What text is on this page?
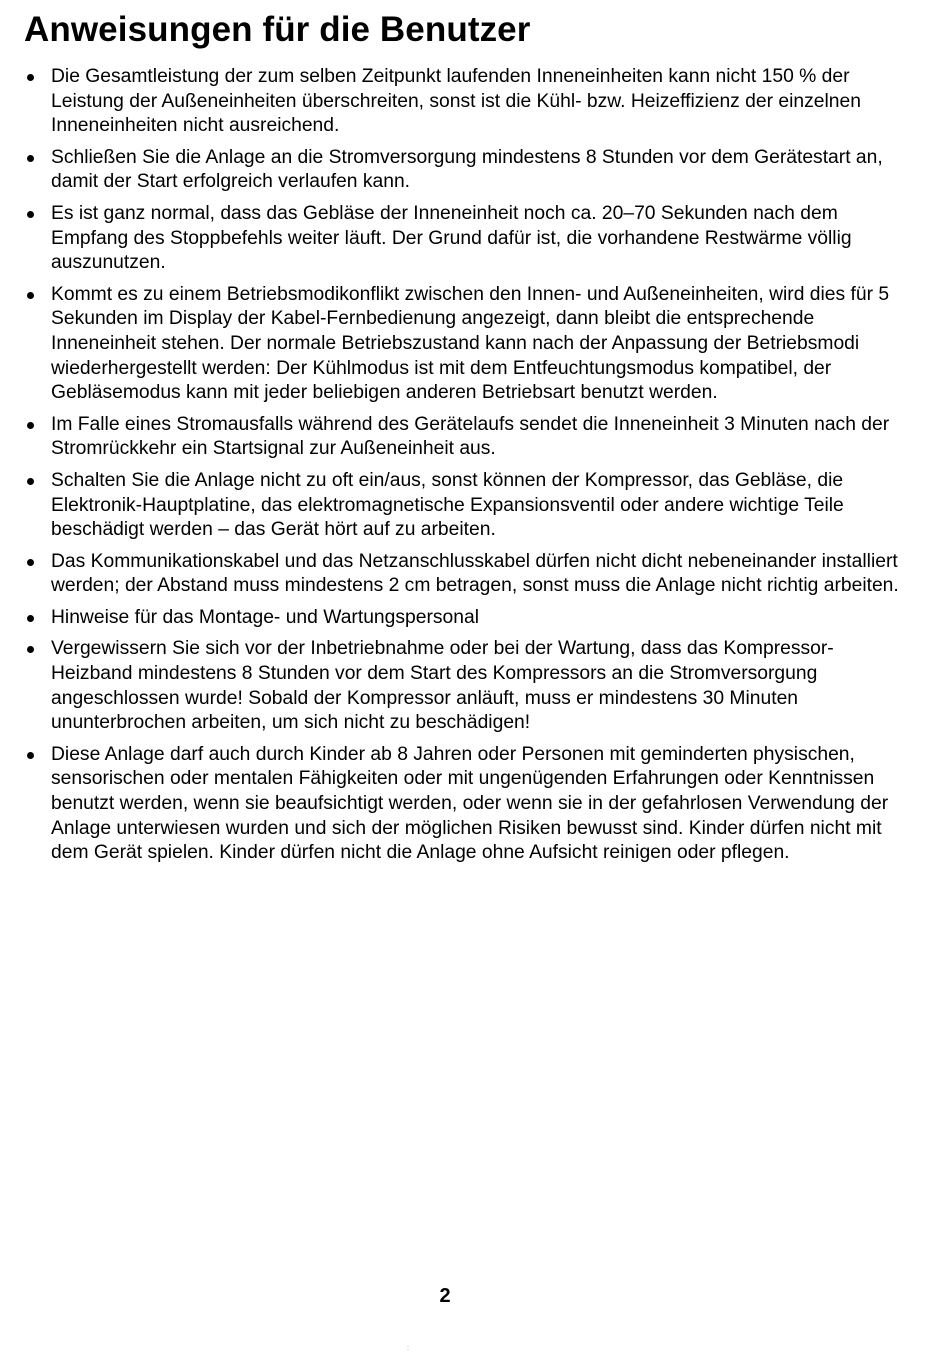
Anweisungen für die Benutzer
Die Gesamtleistung der zum selben Zeitpunkt laufenden Inneneinheiten kann nicht 150 % der Leistung der Außeneinheiten überschreiten, sonst ist die Kühl- bzw. Heizeffizienz der einzelnen Inneneinheiten nicht ausreichend.
Schließen Sie die Anlage an die Stromversorgung mindestens 8 Stunden vor dem Gerätestart an, damit der Start erfolgreich verlaufen kann.
Es ist ganz normal, dass das Gebläse der Inneneinheit noch ca. 20–70 Sekunden nach dem Empfang des Stoppbefehls weiter läuft. Der Grund dafür ist, die vorhandene Restwärme völlig auszunutzen.
Kommt es zu einem Betriebsmodikonflikt zwischen den Innen- und Außeneinheiten, wird dies für 5 Sekunden im Display der Kabel-Fernbedienung angezeigt, dann bleibt die entsprechende Inneneinheit stehen. Der normale Betriebszustand kann nach der Anpassung der Betriebsmodi wiederhergestellt werden: Der Kühlmodus ist mit dem Entfeuchtungsmodus kompatibel, der Gebläsemodus kann mit jeder beliebigen anderen Betriebsart benutzt werden.
Im Falle eines Stromausfalls während des Gerätelaufs sendet die Inneneinheit 3 Minuten nach der Stromrückkehr ein Startsignal zur Außeneinheit aus.
Schalten Sie die Anlage nicht zu oft ein/aus, sonst können der Kompressor, das Gebläse, die Elektronik-Hauptplatine, das elektromagnetische Expansionsventil oder andere wichtige Teile beschädigt werden – das Gerät hört auf zu arbeiten.
Das Kommunikationskabel und das Netzanschlusskabel dürfen nicht dicht nebeneinander installiert werden; der Abstand muss mindestens 2 cm betragen, sonst muss die Anlage nicht richtig arbeiten.
Hinweise für das Montage- und Wartungspersonal
Vergewissern Sie sich vor der Inbetriebnahme oder bei der Wartung, dass das Kompressor-Heizband mindestens 8 Stunden vor dem Start des Kompressors an die Stromversorgung angeschlossen wurde! Sobald der Kompressor anläuft, muss er mindestens 30 Minuten ununterbrochen arbeiten, um sich nicht zu beschädigen!
Diese Anlage darf auch durch Kinder ab 8 Jahren oder Personen mit geminderten physischen, sensorischen oder mentalen Fähigkeiten oder mit ungenügenden Erfahrungen oder Kenntnissen benutzt werden, wenn sie beaufsichtigt werden, oder wenn sie in der gefahrlosen Verwendung der Anlage unterwiesen wurden und sich der möglichen Risiken bewusst sind. Kinder dürfen nicht mit dem Gerät spielen. Kinder dürfen nicht die Anlage ohne Aufsicht reinigen oder pflegen.
2
:
